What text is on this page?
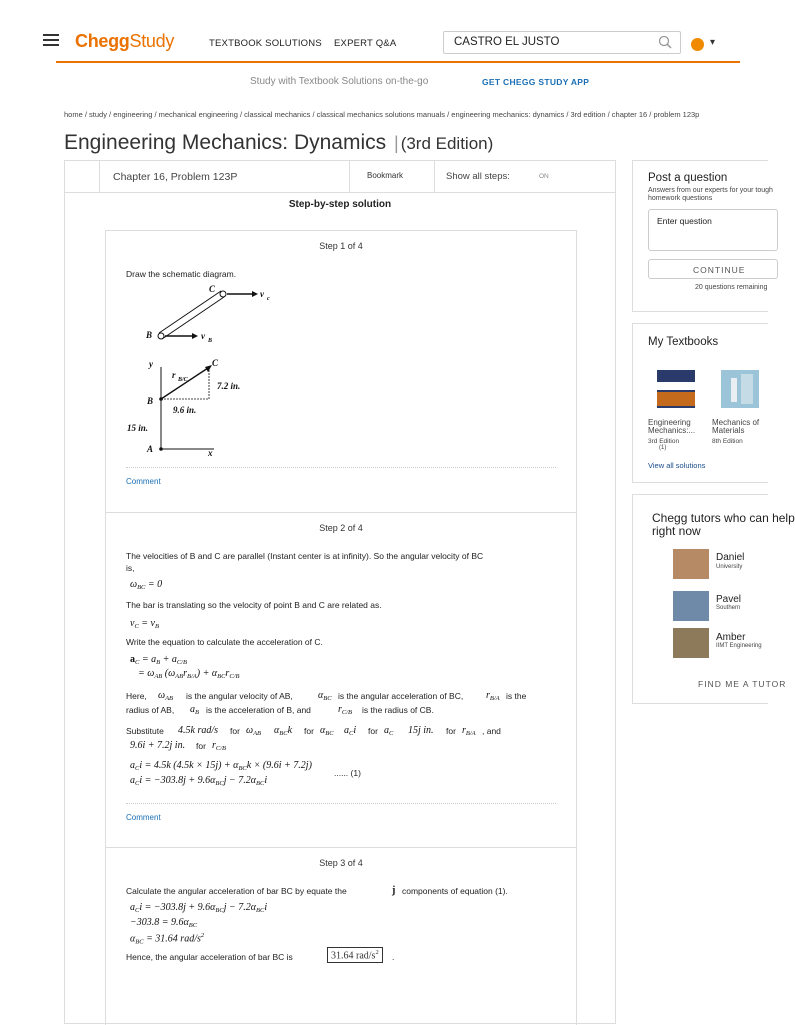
CheggStudy	TEXTBOOK SOLUTIONS EXPERT Q&A	CASTRO EL JUSTO	▾
Study with Textbook Solutions on-the-go	GET CHEGG STUDY APP
home / study / engineering / mechanical engineering / classical mechanics / classical mechanics solutions manuals / engineering mechanics: dynamics / 3rd edition / chapter 16 / problem 123p
Engineering Mechanics: Dynamics | (3rd Edition)
Chapter 16, Problem 123P	Bookmark	Show all steps:	ON
Step-by-step solution
Step 1 of 4
Draw the schematic diagram.
C	v c
B	v B
y
r B/C
C
7.2 in.
B
9.6 in.
15 in.
A	x
Comment
Step 2 of 4
The velocities of B and C are parallel (Instant center is at infinity). So the angular velocity of BC
is,
$\omega_{BC} = 0$
The bar is translating so the velocity of point B and C are related as.
$v_C = v_B$
Write the equation to calculate the acceleration of C.
$a_C = a_B + a_{C/B}$
= $\omega_{AB}$ $(\omega_{AB}r_{B/A}) + \alpha_{BC}r_{C/B}$
Here, $\omega_{AB}$ is the angular velocity of AB,	$\alpha_{BC}$ is the angular acceleration of BC, $r_{B/A}$ is the
radius of AB, $a_B$ is the acceleration of B, and	$r_{C/B}$ is the radius of CB.
Substitute 4.5k rad/s for $\omega_{AB}$ $\alpha_{BC}k$ for $\alpha_{BC}$ $a_Ci$ for $a_C$ 15j in. for $r_{B/A}$ , and
9.6i + 7.2j in. for $r_{C/B}$
$a_Ci = 4.5k$ $(4.5k \times 15j) + \alpha_{BC}k \times (9.6i + 7.2j)$
...... (1)
$a_Ci = -303.8j + 9.6\alpha_{BC}j - 7.2\alpha_{BC}i$
Comment
Step 3 of 4
Calculate the angular acceleration of bar BC by equate the	j components of equation (1).
$a_Ci = -303.8j + 9.6\alpha_{BC}j - 7.2\alpha_{BC}i$
$-303.8 = 9.6\alpha_{BC}$
$\alpha_{BC} = 31.64$ rad/$s^2$
Hence, the angular acceleration of bar BC is	31.64 rad/$s^2$	.
Post a question
Answers from our experts for your tough
homework questions
Enter question
CONTINUE
20 questions remaining
My Textbooks
Engineering
Mechanics:...
3rd Edition
(1)
Mechanics of
Materials
8th Edition
View all solutions
Chegg tutors who can help
right now
Daniel
University
Pavel
Southern
Amber
IIMT Engineering
FIND ME A TUTOR
